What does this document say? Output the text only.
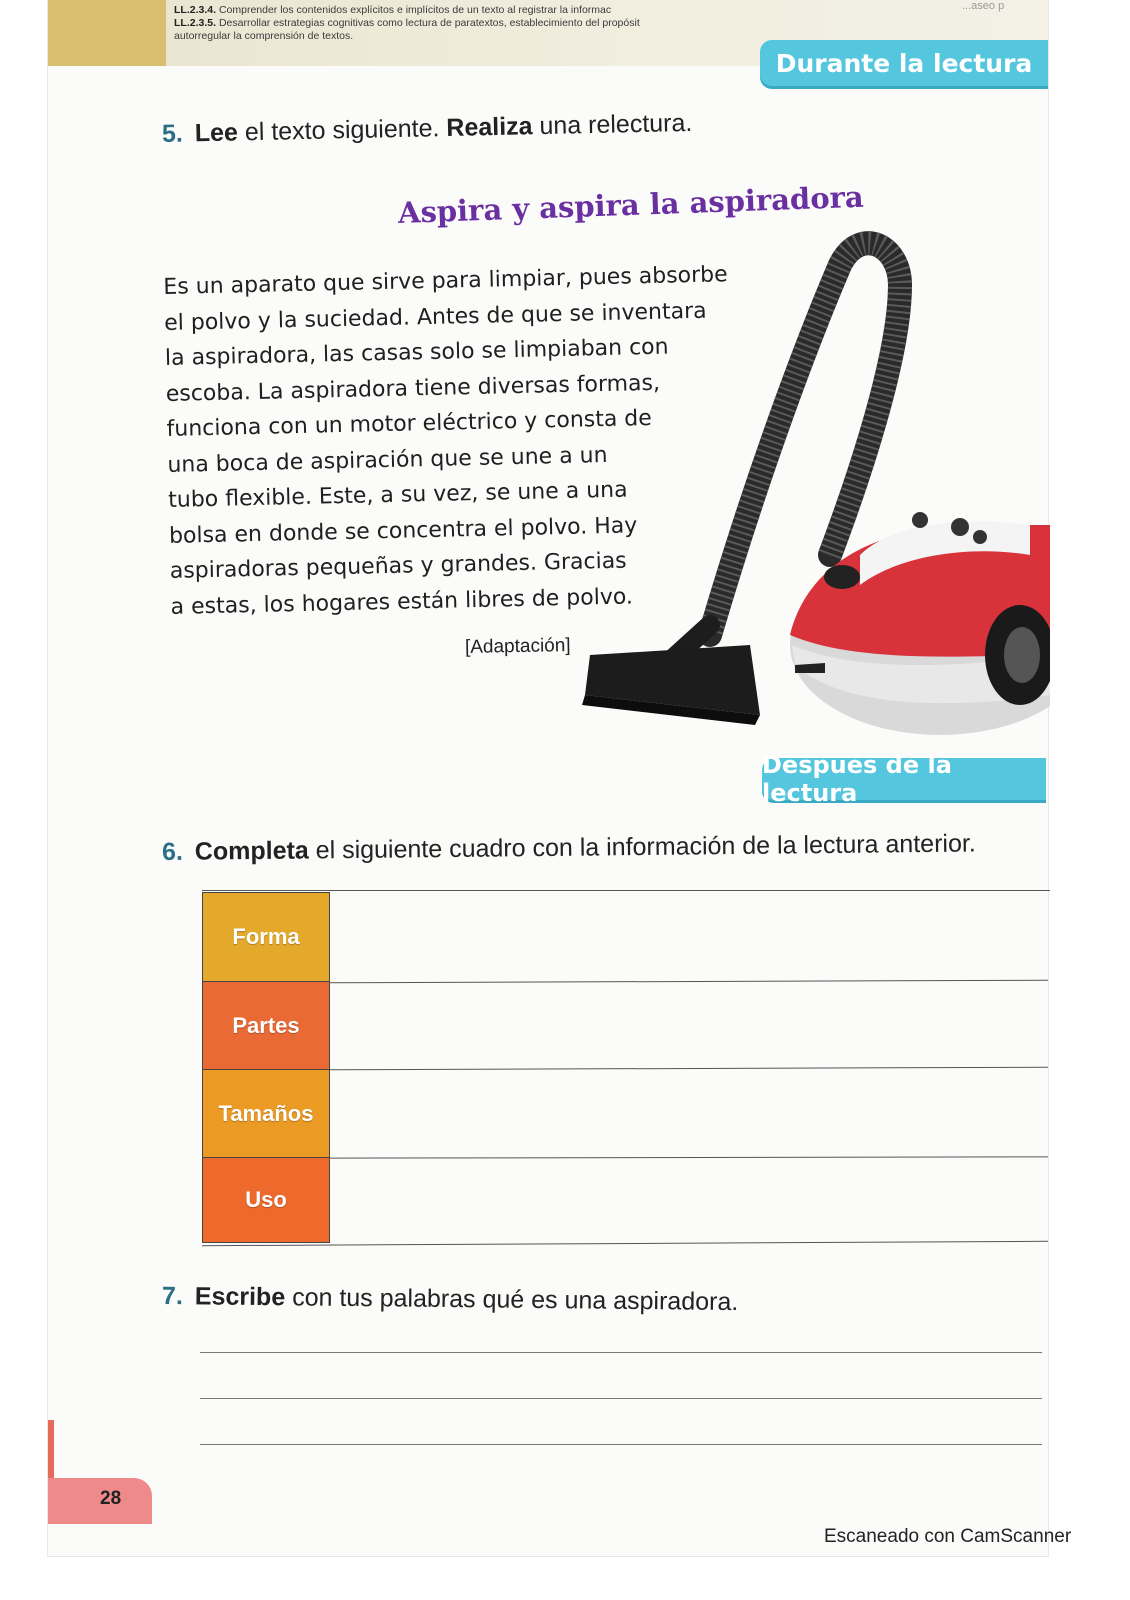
LL.2.3.4. Comprender los contenidos explícitos e implícitos de un texto al registrar la informac
LL.2.3.5. Desarrollar estrategias cognitivas como lectura de paratextos, establecimiento del propósit
autorregular la comprensión de textos.
...aseo p
Durante la lectura
5. Lee el texto siguiente. Realiza una relectura.
Aspira y aspira la aspiradora
Es un aparato que sirve para limpiar, pues absorbe
el polvo y la suciedad. Antes de que se inventara
la aspiradora, las casas solo se limpiaban con
escoba. La aspiradora tiene diversas formas,
funciona con un motor eléctrico y consta de
una boca de aspiración que se une a un
tubo flexible. Este, a su vez, se une a una
bolsa en donde se concentra el polvo. Hay
aspiradoras pequeñas y grandes. Gracias
a estas, los hogares están libres de polvo.
[Adaptación]
Después de la lectura
6. Completa el siguiente cuadro con la información de la lectura anterior.
Forma
Partes
Tamaños
Uso
7. Escribe con tus palabras qué es una aspiradora.
28
Escaneado con CamScanner
